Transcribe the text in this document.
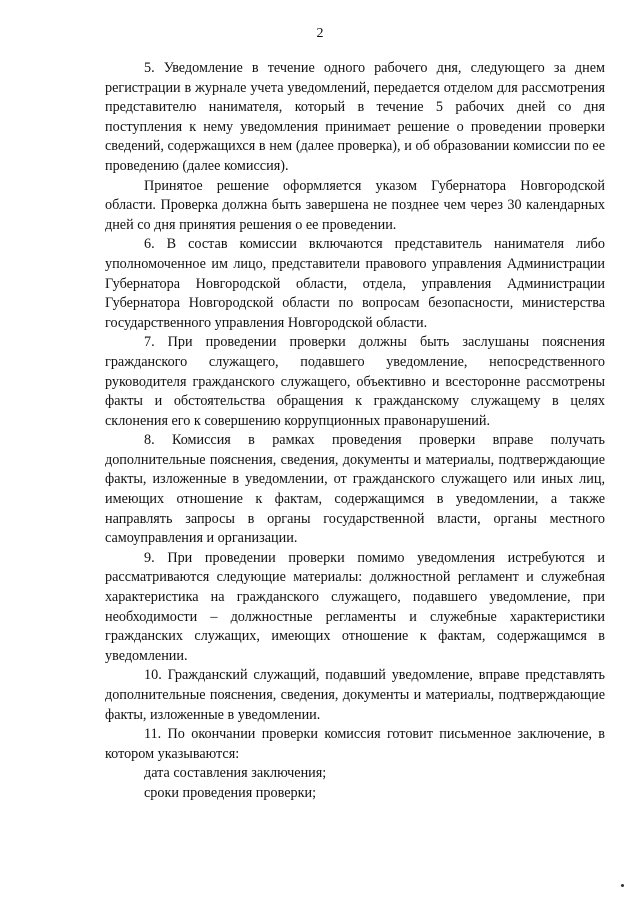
2

5. Уведомление в течение одного рабочего дня, следующего за днем регистрации в журнале учета уведомлений, передается отделом для рассмотрения представителю нанимателя, который в течение 5 рабочих дней со дня поступления к нему уведомления принимает решение о проведении проверки сведений, содержащихся в нем (далее проверка), и об образовании комиссии по ее проведению (далее комиссия).

Принятое решение оформляется указом Губернатора Новгородской области. Проверка должна быть завершена не позднее чем через 30 календарных дней со дня принятия решения о ее проведении.

6. В состав комиссии включаются представитель нанимателя либо уполномоченное им лицо, представители правового управления Администрации Губернатора Новгородской области, отдела, управления Администрации Губернатора Новгородской области по вопросам безопасности, министерства государственного управления Новгородской области.

7. При проведении проверки должны быть заслушаны пояснения гражданского служащего, подавшего уведомление, непосредственного руководителя гражданского служащего, объективно и всесторонне рассмотрены факты и обстоятельства обращения к гражданскому служащему в целях склонения его к совершению коррупционных правонарушений.

8. Комиссия в рамках проведения проверки вправе получать дополнительные пояснения, сведения, документы и материалы, подтверждающие факты, изложенные в уведомлении, от гражданского служащего или иных лиц, имеющих отношение к фактам, содержащимся в уведомлении, а также направлять запросы в органы государственной власти, органы местного самоуправления и организации.

9. При проведении проверки помимо уведомления истребуются и рассматриваются следующие материалы: должностной регламент и служебная характеристика на гражданского служащего, подавшего уведомление, при необходимости – должностные регламенты и служебные характеристики гражданских служащих, имеющих отношение к фактам, содержащимся в уведомлении.

10. Гражданский служащий, подавший уведомление, вправе представлять дополнительные пояснения, сведения, документы и материалы, подтверждающие факты, изложенные в уведомлении.

11. По окончании проверки комиссия готовит письменное заключение, в котором указываются:

дата составления заключения;

сроки проведения проверки;
